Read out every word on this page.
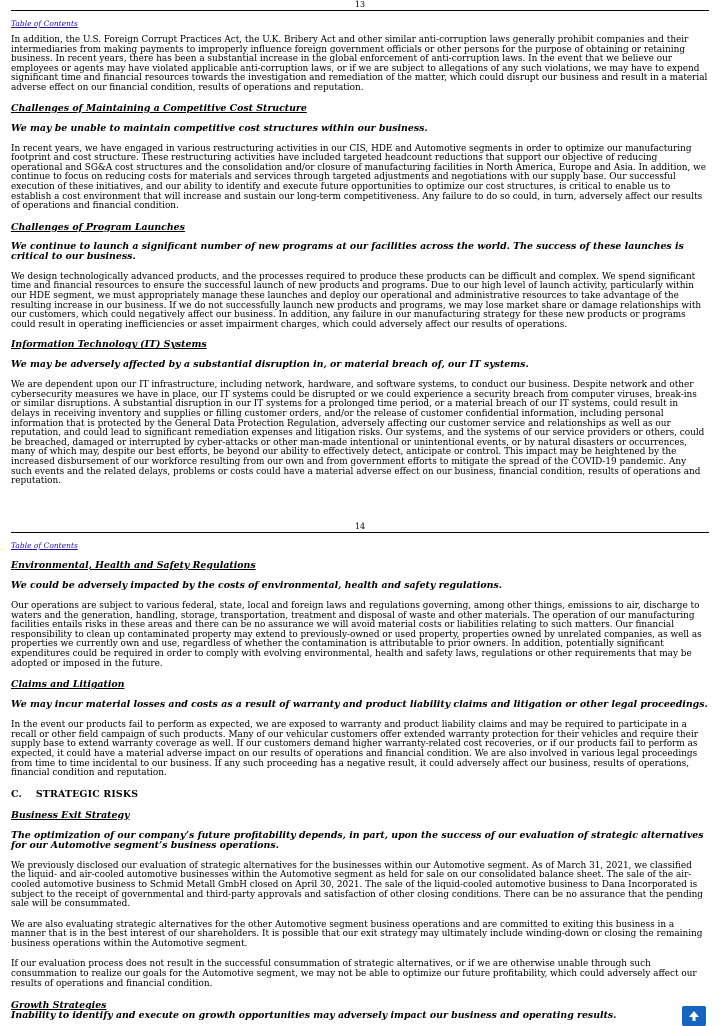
13
Table of Contents

In addition, the U.S. Foreign Corrupt Practices Act, the U.K. Bribery Act and other similar anti-corruption laws generally prohibit companies and their intermediaries from making payments to improperly influence foreign government officials or other persons for the purpose of obtaining or retaining business. In recent years, there has been a substantial increase in the global enforcement of anti-corruption laws. In the event that we believe our employees or agents may have violated applicable anti-corruption laws, or if we are subject to allegations of any such violations, we may have to expend significant time and financial resources towards the investigation and remediation of the matter, which could disrupt our business and result in a material adverse effect on our financial condition, results of operations and reputation.

Challenges of Maintaining a Competitive Cost Structure

We may be unable to maintain competitive cost structures within our business.

In recent years, we have engaged in various restructuring activities in our CIS, HDE and Automotive segments in order to optimize our manufacturing footprint and cost structure. These restructuring activities have included targeted headcount reductions that support our objective of reducing operational and SG&A cost structures and the consolidation and/or closure of manufacturing facilities in North America, Europe and Asia. In addition, we continue to focus on reducing costs for materials and services through targeted adjustments and negotiations with our supply base. Our successful execution of these initiatives, and our ability to identify and execute future opportunities to optimize our cost structures, is critical to enable us to establish a cost environment that will increase and sustain our long-term competitiveness. Any failure to do so could, in turn, adversely affect our results of operations and financial condition.

Challenges of Program Launches

We continue to launch a significant number of new programs at our facilities across the world. The success of these launches is critical to our business.

We design technologically advanced products, and the processes required to produce these products can be difficult and complex. We spend significant time and financial resources to ensure the successful launch of new products and programs. Due to our high level of launch activity, particularly within our HDE segment, we must appropriately manage these launches and deploy our operational and administrative resources to take advantage of the resulting increase in our business. If we do not successfully launch new products and programs, we may lose market share or damage relationships with our customers, which could negatively affect our business. In addition, any failure in our manufacturing strategy for these new products or programs could result in operating inefficiencies or asset impairment charges, which could adversely affect our results of operations.

Information Technology (IT) Systems

We may be adversely affected by a substantial disruption in, or material breach of, our IT systems.

We are dependent upon our IT infrastructure, including network, hardware, and software systems, to conduct our business. Despite network and other cybersecurity measures we have in place, our IT systems could be disrupted or we could experience a security breach from computer viruses, break-ins or similar disruptions. A substantial disruption in our IT systems for a prolonged time period, or a material breach of our IT systems, could result in delays in receiving inventory and supplies or filling customer orders, and/or the release of customer confidential information, including personal information that is protected by the General Data Protection Regulation, adversely affecting our customer service and relationships as well as our reputation, and could lead to significant remediation expenses and litigation risks. Our systems, and the systems of our service providers or others, could be breached, damaged or interrupted by cyber-attacks or other man-made intentional or unintentional events, or by natural disasters or occurrences, many of which may, despite our best efforts, be beyond our ability to effectively detect, anticipate or control. This impact may be heightened by the increased disbursement of our workforce resulting from our own and from government efforts to mitigate the spread of the COVID-19 pandemic. Any such events and the related delays, problems or costs could have a material adverse effect on our business, financial condition, results of operations and reputation.

14
Table of Contents

Environmental, Health and Safety Regulations

We could be adversely impacted by the costs of environmental, health and safety regulations.

Our operations are subject to various federal, state, local and foreign laws and regulations governing, among other things, emissions to air, discharge to waters and the generation, handling, storage, transportation, treatment and disposal of waste and other materials. The operation of our manufacturing facilities entails risks in these areas and there can be no assurance we will avoid material costs or liabilities relating to such matters. Our financial responsibility to clean up contaminated property may extend to previously-owned or used property, properties owned by unrelated companies, as well as properties we currently own and use, regardless of whether the contamination is attributable to prior owners. In addition, potentially significant expenditures could be required in order to comply with evolving environmental, health and safety laws, regulations or other requirements that may be adopted or imposed in the future.

Claims and Litigation

We may incur material losses and costs as a result of warranty and product liability claims and litigation or other legal proceedings.

In the event our products fail to perform as expected, we are exposed to warranty and product liability claims and may be required to participate in a recall or other field campaign of such products. Many of our vehicular customers offer extended warranty protection for their vehicles and require their supply base to extend warranty coverage as well. If our customers demand higher warranty-related cost recoveries, or if our products fail to perform as expected, it could have a material adverse impact on our results of operations and financial condition. We are also involved in various legal proceedings from time to time incidental to our business. If any such proceeding has a negative result, it could adversely affect our business, results of operations, financial condition and reputation.

C.    STRATEGIC RISKS

Business Exit Strategy

The optimization of our company’s future profitability depends, in part, upon the success of our evaluation of strategic alternatives for our Automotive segment’s business operations.

We previously disclosed our evaluation of strategic alternatives for the businesses within our Automotive segment. As of March 31, 2021, we classified the liquid- and air-cooled automotive businesses within the Automotive segment as held for sale on our consolidated balance sheet. The sale of the air-cooled automotive business to Schmid Metall GmbH closed on April 30, 2021. The sale of the liquid-cooled automotive business to Dana Incorporated is subject to the receipt of governmental and third-party approvals and satisfaction of other closing conditions. There can be no assurance that the pending sale will be consummated.

We are also evaluating strategic alternatives for the other Automotive segment business operations and are committed to exiting this business in a manner that is in the best interest of our shareholders. It is possible that our exit strategy may ultimately include winding-down or closing the remaining business operations within the Automotive segment.

If our evaluation process does not result in the successful consummation of strategic alternatives, or if we are otherwise unable through such consummation to realize our goals for the Automotive segment, we may not be able to optimize our future profitability, which could adversely affect our results of operations and financial condition.

Growth Strategies

Inability to identify and execute on growth opportunities may adversely impact our business and operating results.
